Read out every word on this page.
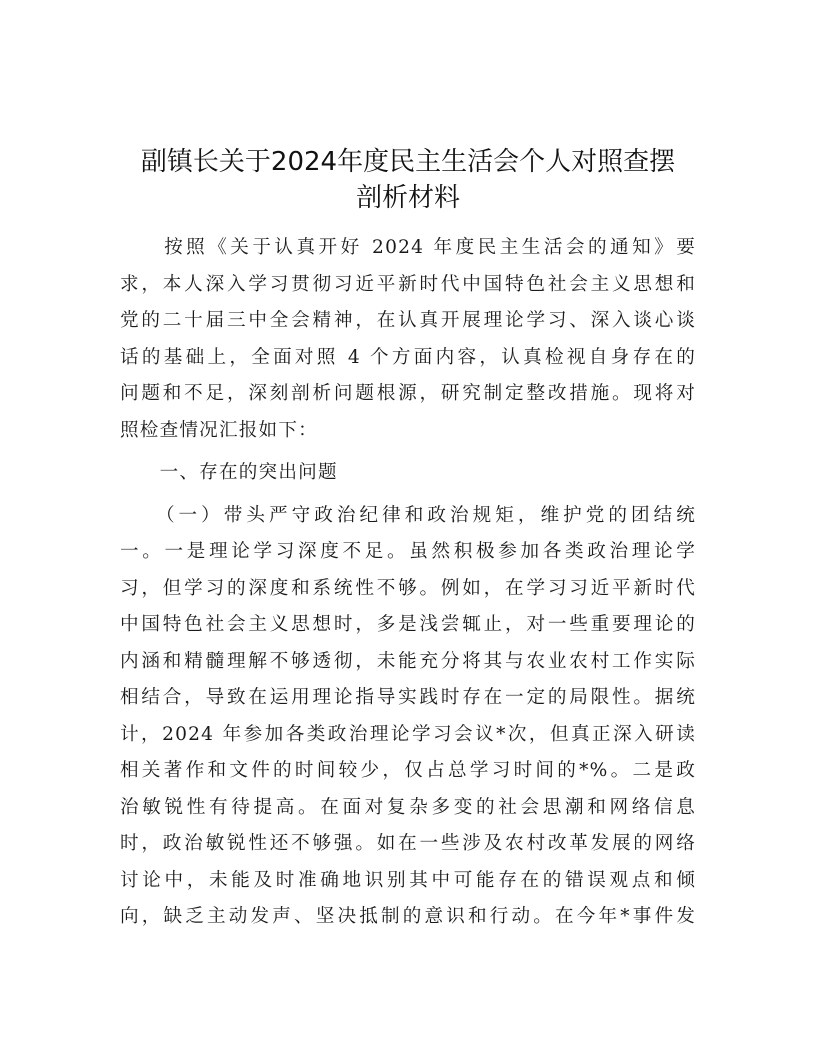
副镇长关于2024年度民主生活会个人对照查摆
剖析材料
　　按照《关于认真开好 2024 年度民主生活会的通知》要
求，本人深入学习贯彻习近平新时代中国特色社会主义思想和
党的二十届三中全会精神，在认真开展理论学习、深入谈心谈
话的基础上，全面对照 4 个方面内容，认真检视自身存在的
问题和不足，深刻剖析问题根源，研究制定整改措施。现将对
照检查情况汇报如下：
　　一、存在的突出问题
　　（一）带头严守政治纪律和政治规矩，维护党的团结统
一。一是理论学习深度不足。虽然积极参加各类政治理论学
习，但学习的深度和系统性不够。例如，在学习习近平新时代
中国特色社会主义思想时，多是浅尝辄止，对一些重要理论的
内涵和精髓理解不够透彻，未能充分将其与农业农村工作实际
相结合，导致在运用理论指导实践时存在一定的局限性。据统
计，2024 年参加各类政治理论学习会议*次，但真正深入研读
相关著作和文件的时间较少，仅占总学习时间的*%。二是政
治敏锐性有待提高。在面对复杂多变的社会思潮和网络信息
时，政治敏锐性还不够强。如在一些涉及农村改革发展的网络
讨论中，未能及时准确地识别其中可能存在的错误观点和倾
向，缺乏主动发声、坚决抵制的意识和行动。在今年*事件发
